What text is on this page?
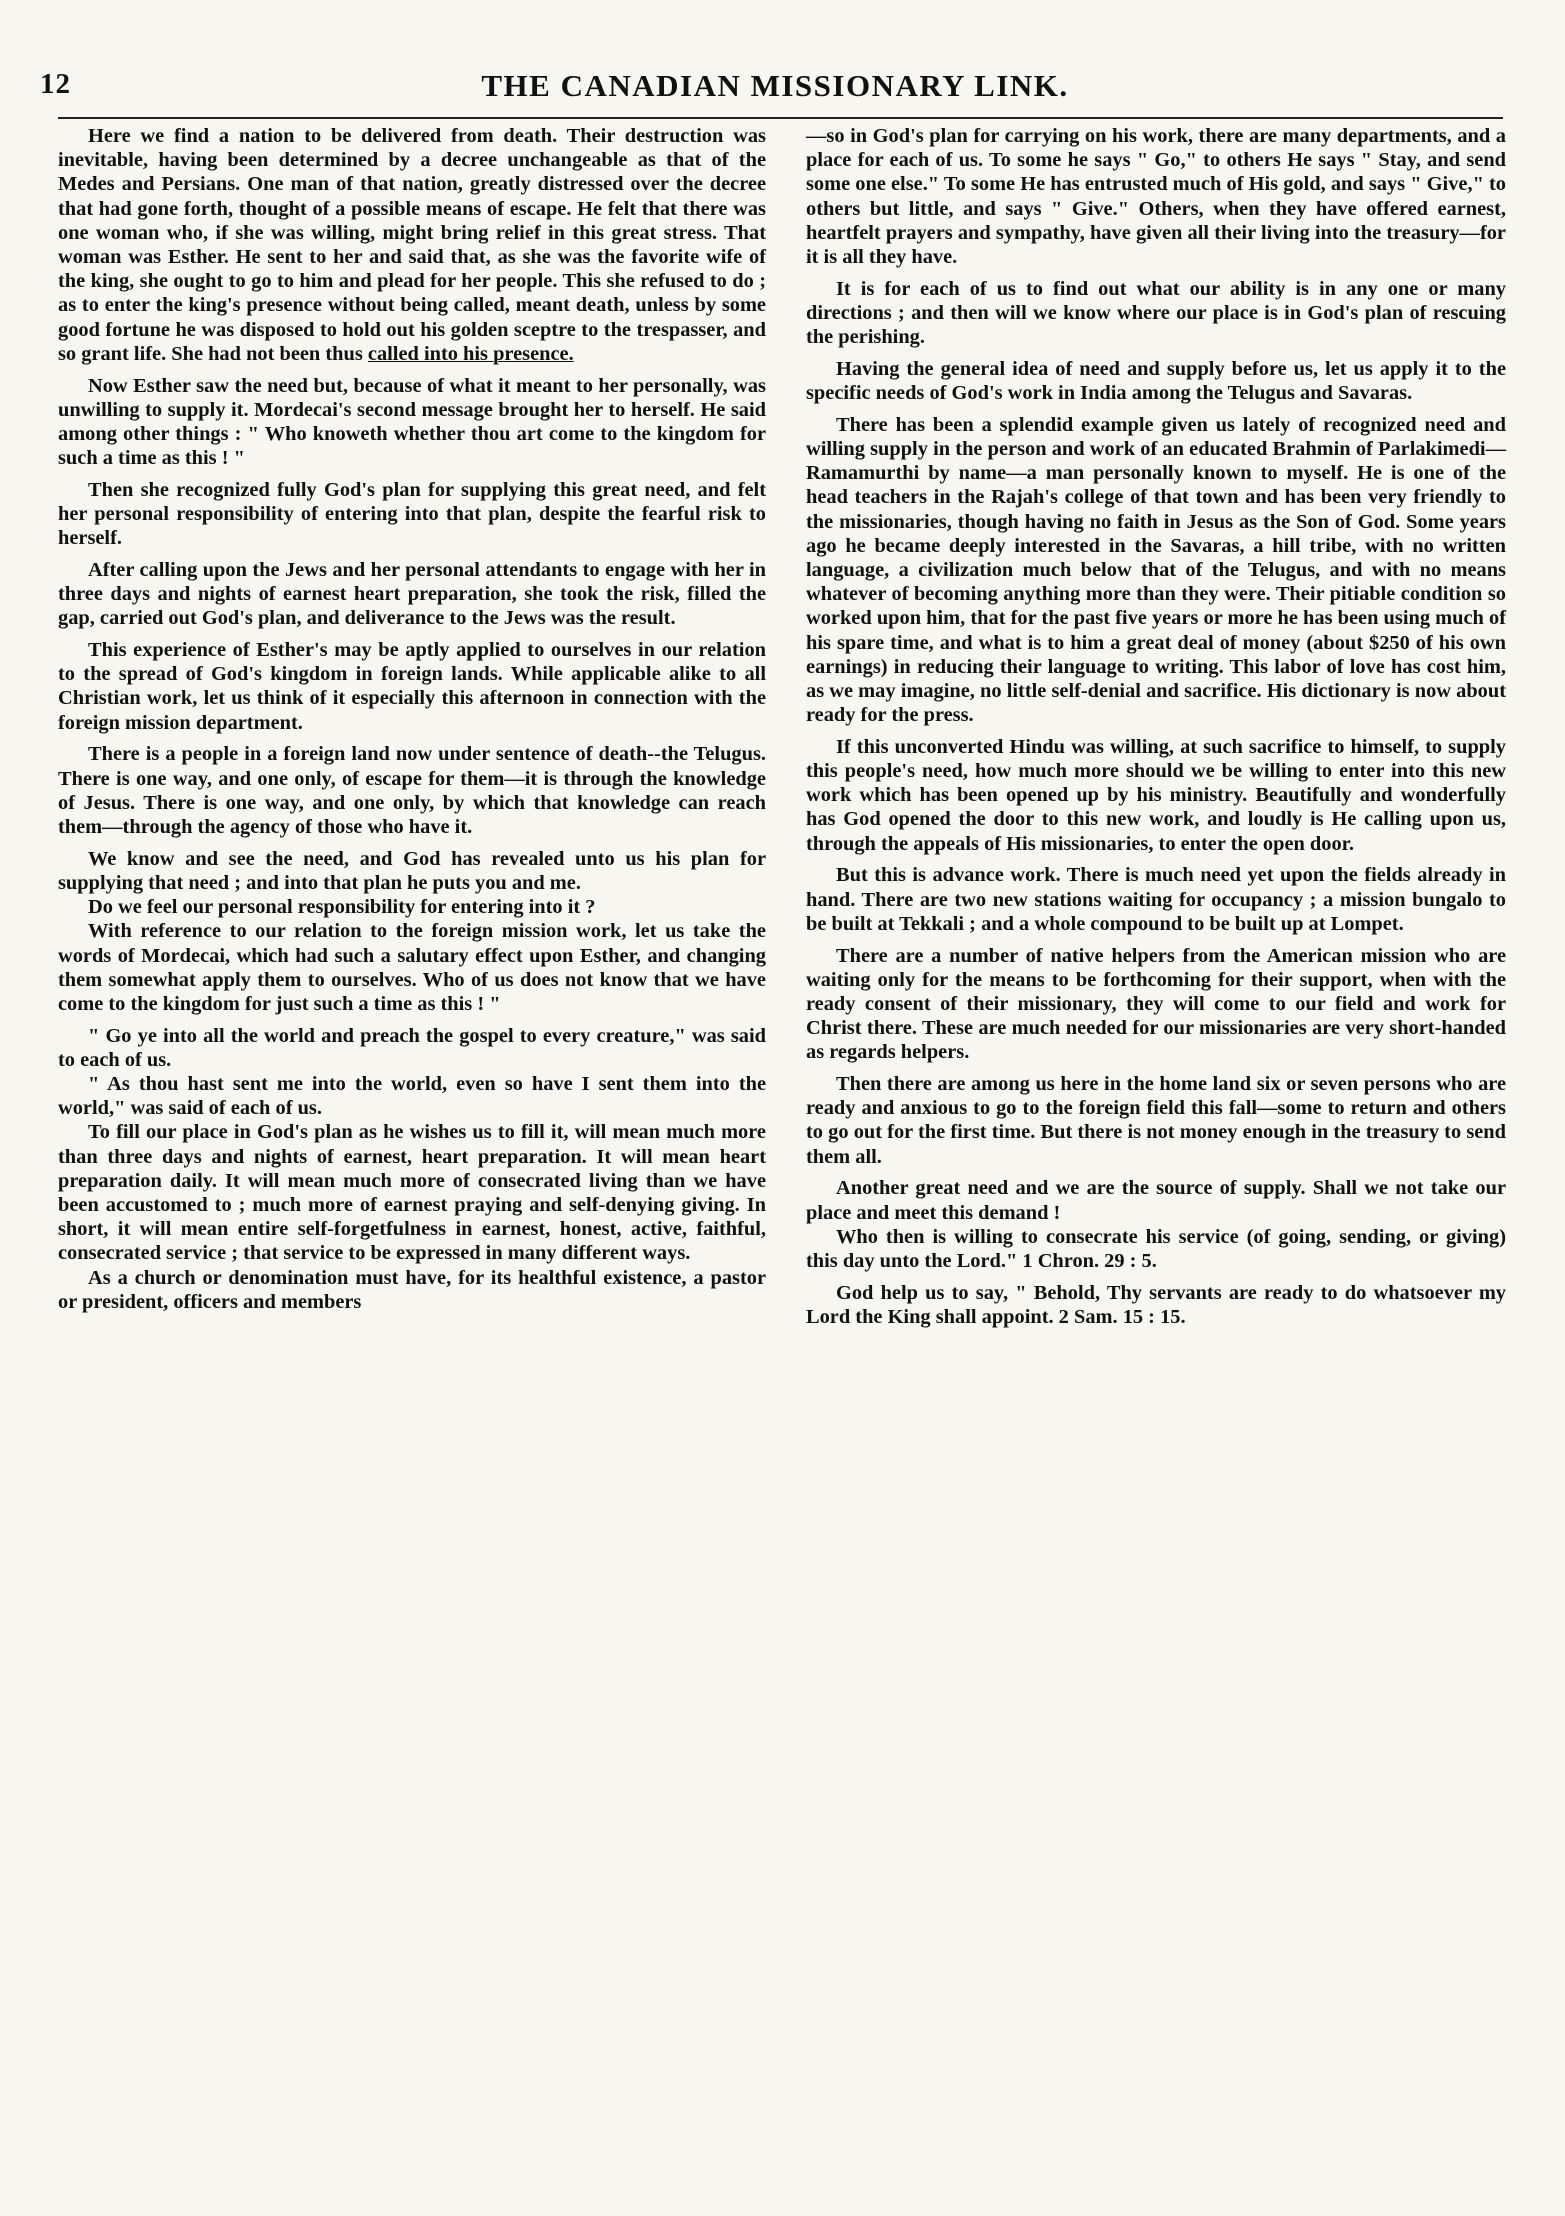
12	THE CANADIAN MISSIONARY LINK.

Here we find a nation to be delivered from death. Their destruction was inevitable, having been determined by a decree unchangeable as that of the Medes and Persians. One man of that nation, greatly distressed over the decree that had gone forth, thought of a possible means of escape. He felt that there was one woman who, if she was willing, might bring relief in this great stress. That woman was Esther. He sent to her and said that, as she was the favorite wife of the king, she ought to go to him and plead for her people. This she refused to do ; as to enter the king's presence without being called, meant death, unless by some good fortune he was disposed to hold out his golden sceptre to the trespasser, and so grant life. She had not been thus called into his presence.

Now Esther saw the need but, because of what it meant to her personally, was unwilling to supply it. Mordecai's second message brought her to herself. He said among other things : " Who knoweth whether thou art come to the kingdom for such a time as this ! "

Then she recognized fully God's plan for supplying this great need, and felt her personal responsibility of entering into that plan, despite the fearful risk to herself.

After calling upon the Jews and her personal attendants to engage with her in three days and nights of earnest heart preparation, she took the risk, filled the gap, carried out God's plan, and deliverance to the Jews was the result.

This experience of Esther's may be aptly applied to ourselves in our relation to the spread of God's kingdom in foreign lands. While applicable alike to all Christian work, let us think of it especially this afternoon in connection with the foreign mission department.

There is a people in a foreign land now under sentence of death--the Telugus. There is one way, and one only, of escape for them—it is through the knowledge of Jesus. There is one way, and one only, by which that knowledge can reach them—through the agency of those who have it.

We know and see the need, and God has revealed unto us his plan for supplying that need ; and into that plan he puts you and me.

Do we feel our personal responsibility for entering into it ?

With reference to our relation to the foreign mission work, let us take the words of Mordecai, which had such a salutary effect upon Esther, and changing them somewhat apply them to ourselves. Who of us does not know that we have come to the kingdom for just such a time as this ! "

" Go ye into all the world and preach the gospel to every creature," was said to each of us.

" As thou hast sent me into the world, even so have I sent them into the world," was said of each of us.

To fill our place in God's plan as he wishes us to fill it, will mean much more than three days and nights of earnest, heart preparation. It will mean heart preparation daily. It will mean much more of consecrated living than we have been accustomed to ; much more of earnest praying and self-denying giving. In short, it will mean entire self-forgetfulness in earnest, honest, active, faithful, consecrated service ; that service to be expressed in many different ways.

As a church or denomination must have, for its healthful existence, a pastor or president, officers and members

—so in God's plan for carrying on his work, there are many departments, and a place for each of us. To some he says " Go," to others He says " Stay, and send some one else." To some He has entrusted much of His gold, and says " Give," to others but little, and says " Give." Others, when they have offered earnest, heartfelt prayers and sympathy, have given all their living into the treasury—for it is all they have.

It is for each of us to find out what our ability is in any one or many directions ; and then will we know where our place is in God's plan of rescuing the perishing.

Having the general idea of need and supply before us, let us apply it to the specific needs of God's work in India among the Telugus and Savaras.

There has been a splendid example given us lately of recognized need and willing supply in the person and work of an educated Brahmin of Parlakimedi—Ramamurthi by name—a man personally known to myself. He is one of the head teachers in the Rajah's college of that town and has been very friendly to the missionaries, though having no faith in Jesus as the Son of God. Some years ago he became deeply interested in the Savaras, a hill tribe, with no written language, a civilization much below that of the Telugus, and with no means whatever of becoming anything more than they were. Their pitiable condition so worked upon him, that for the past five years or more he has been using much of his spare time, and what is to him a great deal of money (about $250 of his own earnings) in reducing their language to writing. This labor of love has cost him, as we may imagine, no little self-denial and sacrifice. His dictionary is now about ready for the press.

If this unconverted Hindu was willing, at such sacrifice to himself, to supply this people's need, how much more should we be willing to enter into this new work which has been opened up by his ministry. Beautifully and wonderfully has God opened the door to this new work, and loudly is He calling upon us, through the appeals of His missionaries, to enter the open door.

But this is advance work. There is much need yet upon the fields already in hand. There are two new stations waiting for occupancy ; a mission bungalo to be built at Tekkali ; and a whole compound to be built up at Lompet.

There are a number of native helpers from the American mission who are waiting only for the means to be forthcoming for their support, when with the ready consent of their missionary, they will come to our field and work for Christ there. These are much needed for our missionaries are very short-handed as regards helpers.

Then there are among us here in the home land six or seven persons who are ready and anxious to go to the foreign field this fall—some to return and others to go out for the first time. But there is not money enough in the treasury to send them all.

Another great need and we are the source of supply. Shall we not take our place and meet this demand !

Who then is willing to consecrate his service (of going, sending, or giving) this day unto the Lord." 1 Chron. 29 : 5.

God help us to say, " Behold, Thy servants are ready to do whatsoever my Lord the King shall appoint. 2 Sam. 15 : 15.
